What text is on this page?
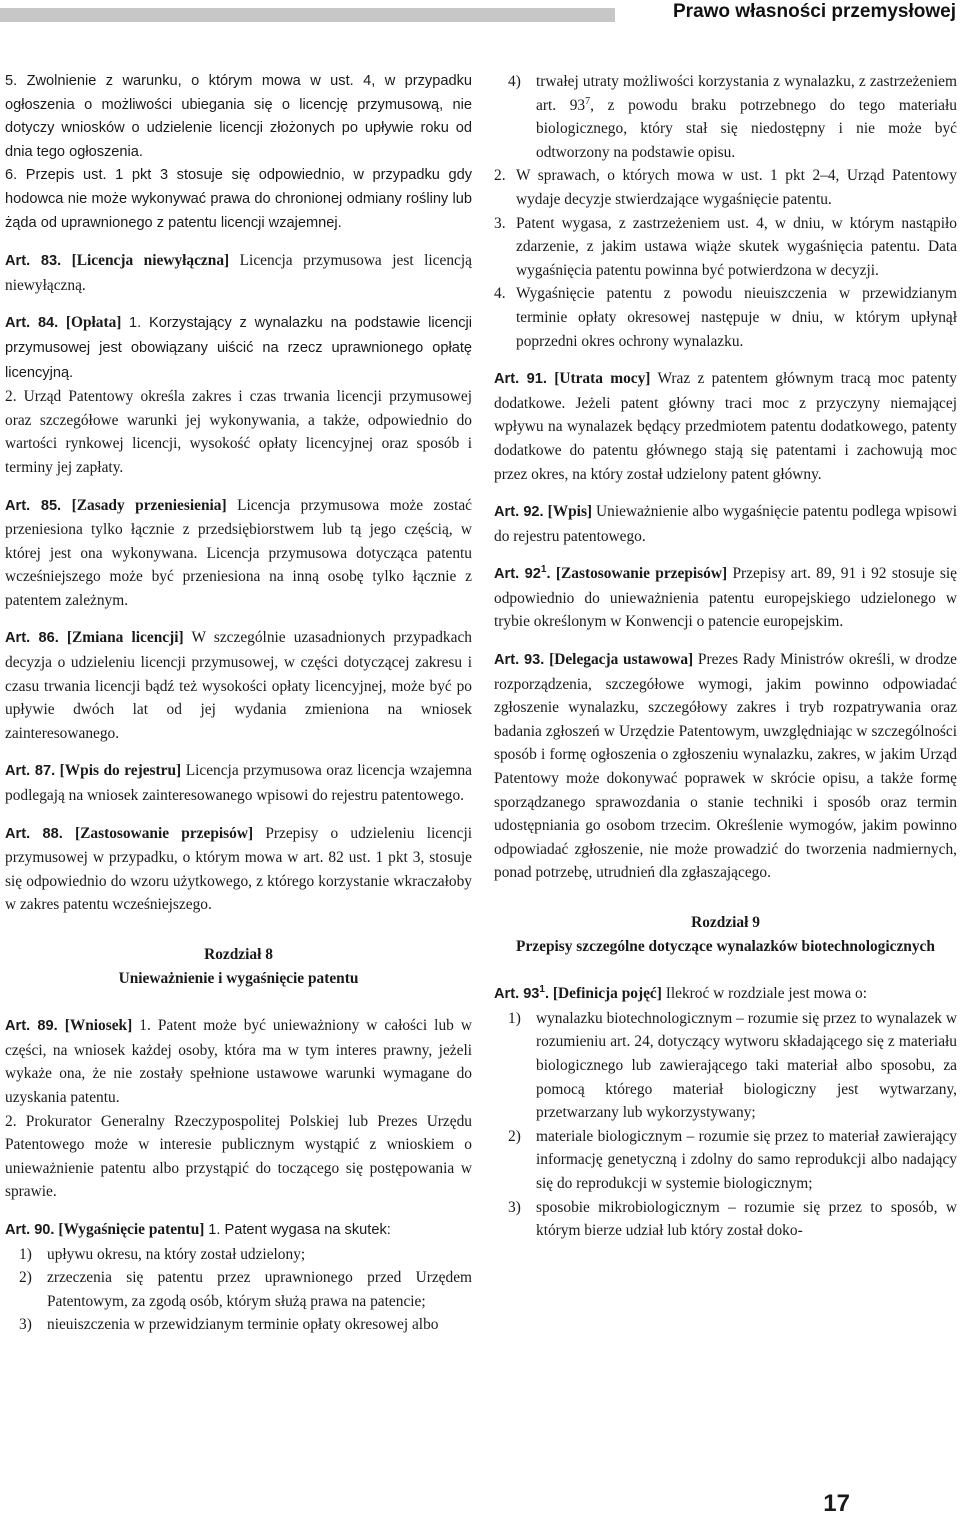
Prawo własności przemysłowej

5. Zwolnienie z warunku, o którym mowa w ust. 4, w przypadku ogłoszenia o możliwości ubiegania się o licencję przymusową, nie dotyczy wniosków o udzielenie licencji złożonych po upływie roku od dnia tego ogłoszenia.

6. Przepis ust. 1 pkt 3 stosuje się odpowiednio, w przypadku gdy hodowca nie może wykonywać prawa do chronionej odmiany rośliny lub żąda od uprawnionego z patentu licencji wzajemnej.

Art. 83. [Licencja niewyłączna] Licencja przymusowa jest licencją niewyłączną.

Art. 84. [Opłata] 1. Korzystający z wynalazku na podstawie licencji przymusowej jest obowiązany uiścić na rzecz uprawnionego opłatę licencyjną.

2. Urząd Patentowy określa zakres i czas trwania licencji przymusowej oraz szczegółowe warunki jej wykonywania, a także, odpowiednio do wartości rynkowej licencji, wysokość opłaty licencyjnej oraz sposób i terminy jej zapłaty.

Art. 85. [Zasady przeniesienia] Licencja przymusowa może zostać przeniesiona tylko łącznie z przedsiębiorstwem lub tą jego częścią, w której jest ona wykonywana. Licencja przymusowa dotycząca patentu wcześniejszego może być przeniesiona na inną osobę tylko łącznie z patentem zależnym.

Art. 86. [Zmiana licencji] W szczególnie uzasadnionych przypadkach decyzja o udzieleniu licencji przymusowej, w części dotyczącej zakresu i czasu trwania licencji bądź też wysokości opłaty licencyjnej, może być po upływie dwóch lat od jej wydania zmieniona na wniosek zainteresowanego.

Art. 87. [Wpis do rejestru] Licencja przymusowa oraz licencja wzajemna podlegają na wniosek zainteresowanego wpisowi do rejestru patentowego.

Art. 88. [Zastosowanie przepisów] Przepisy o udzieleniu licencji przymusowej w przypadku, o którym mowa w art. 82 ust. 1 pkt 3, stosuje się odpowiednio do wzoru użytkowego, z którego korzystanie wkraczałoby w zakres patentu wcześniejszego.

Rozdział 8
Unieważnienie i wygaśnięcie patentu

Art. 89. [Wniosek] 1. Patent może być unieważniony w całości lub w części, na wniosek każdej osoby, która ma w tym interes prawny, jeżeli wykaże ona, że nie zostały spełnione ustawowe warunki wymagane do uzyskania patentu.

2. Prokurator Generalny Rzeczypospolitej Polskiej lub Prezes Urzędu Patentowego może w interesie publicznym wystąpić z wnioskiem o unieważnienie patentu albo przystąpić do toczącego się postępowania w sprawie.

Art. 90. [Wygaśnięcie patentu] 1. Patent wygasa na skutek:

1) upływu okresu, na który został udzielony;
2) zrzeczenia się patentu przez uprawnionego przed Urzędem Patentowym, za zgodą osób, którym służą prawa na patencie;
3) nieuiszczenia w przewidzianym terminie opłaty okresowej albo
4) trwałej utraty możliwości korzystania z wynalazku, z zastrzeżeniem art. $93^7$, z powodu braku potrzebnego do tego materiału biologicznego, który stał się niedostępny i nie może być odtworzony na podstawie opisu.
2. W sprawach, o których mowa w ust. 1 pkt 2–4, Urząd Patentowy wydaje decyzje stwierdzające wygaśnięcie patentu.
3. Patent wygasa, z zastrzeżeniem ust. 4, w dniu, w którym nastąpiło zdarzenie, z jakim ustawa wiąże skutek wygaśnięcia patentu. Data wygaśnięcia patentu powinna być potwierdzona w decyzji.
4. Wygaśnięcie patentu z powodu nieuiszczenia w przewidzianym terminie opłaty okresowej następuje w dniu, w którym upłynął poprzedni okres ochrony wynalazku.

Art. 91. [Utrata mocy] Wraz z patentem głównym tracą moc patenty dodatkowe. Jeżeli patent główny traci moc z przyczyny niemającej wpływu na wynalazek będący przedmiotem patentu dodatkowego, patenty dodatkowe do patentu głównego stają się patentami i zachowują moc przez okres, na który został udzielony patent główny.

Art. 92. [Wpis] Unieważnienie albo wygaśnięcie patentu podlega wpisowi do rejestru patentowego.

Art. $92^1$. [Zastosowanie przepisów] Przepisy art. 89, 91 i 92 stosuje się odpowiednio do unieważnienia patentu europejskiego udzielonego w trybie określonym w Konwencji o patencie europejskim.

Art. 93. [Delegacja ustawowa] Prezes Rady Ministrów określi, w drodze rozporządzenia, szczegółowe wymogi, jakim powinno odpowiadać zgłoszenie wynalazku, szczegółowy zakres i tryb rozpatrywania oraz badania zgłoszeń w Urzędzie Patentowym, uwzględniając w szczególności sposób i formę ogłoszenia o zgłoszeniu wynalazku, zakres, w jakim Urząd Patentowy może dokonywać poprawek w skrócie opisu, a także formę sporządzanego sprawozdania o stanie techniki i sposób oraz termin udostępniania go osobom trzecim. Określenie wymogów, jakim powinno odpowiadać zgłoszenie, nie może prowadzić do tworzenia nadmiernych, ponad potrzebę, utrudnień dla zgłaszającego.

Rozdział 9
Przepisy szczególne dotyczące wynalazków biotechnologicznych

Art. $93^1$. [Definicja pojęć] Ilekroć w rozdziale jest mowa o:

1) wynalazku biotechnologicznym – rozumie się przez to wynalazek w rozumieniu art. 24, dotyczący wytworu składającego się z materiału biologicznego lub zawierającego taki materiał albo sposobu, za pomocą którego materiał biologiczny jest wytwarzany, przetwarzany lub wykorzystywany;
2) materiale biologicznym – rozumie się przez to materiał zawierający informację genetyczną i zdolny do samo reprodukcji albo nadający się do reprodukcji w systemie biologicznym;
3) sposobie mikrobiologicznym – rozumie się przez to sposób, w którym bierze udział lub który został doko-
17
